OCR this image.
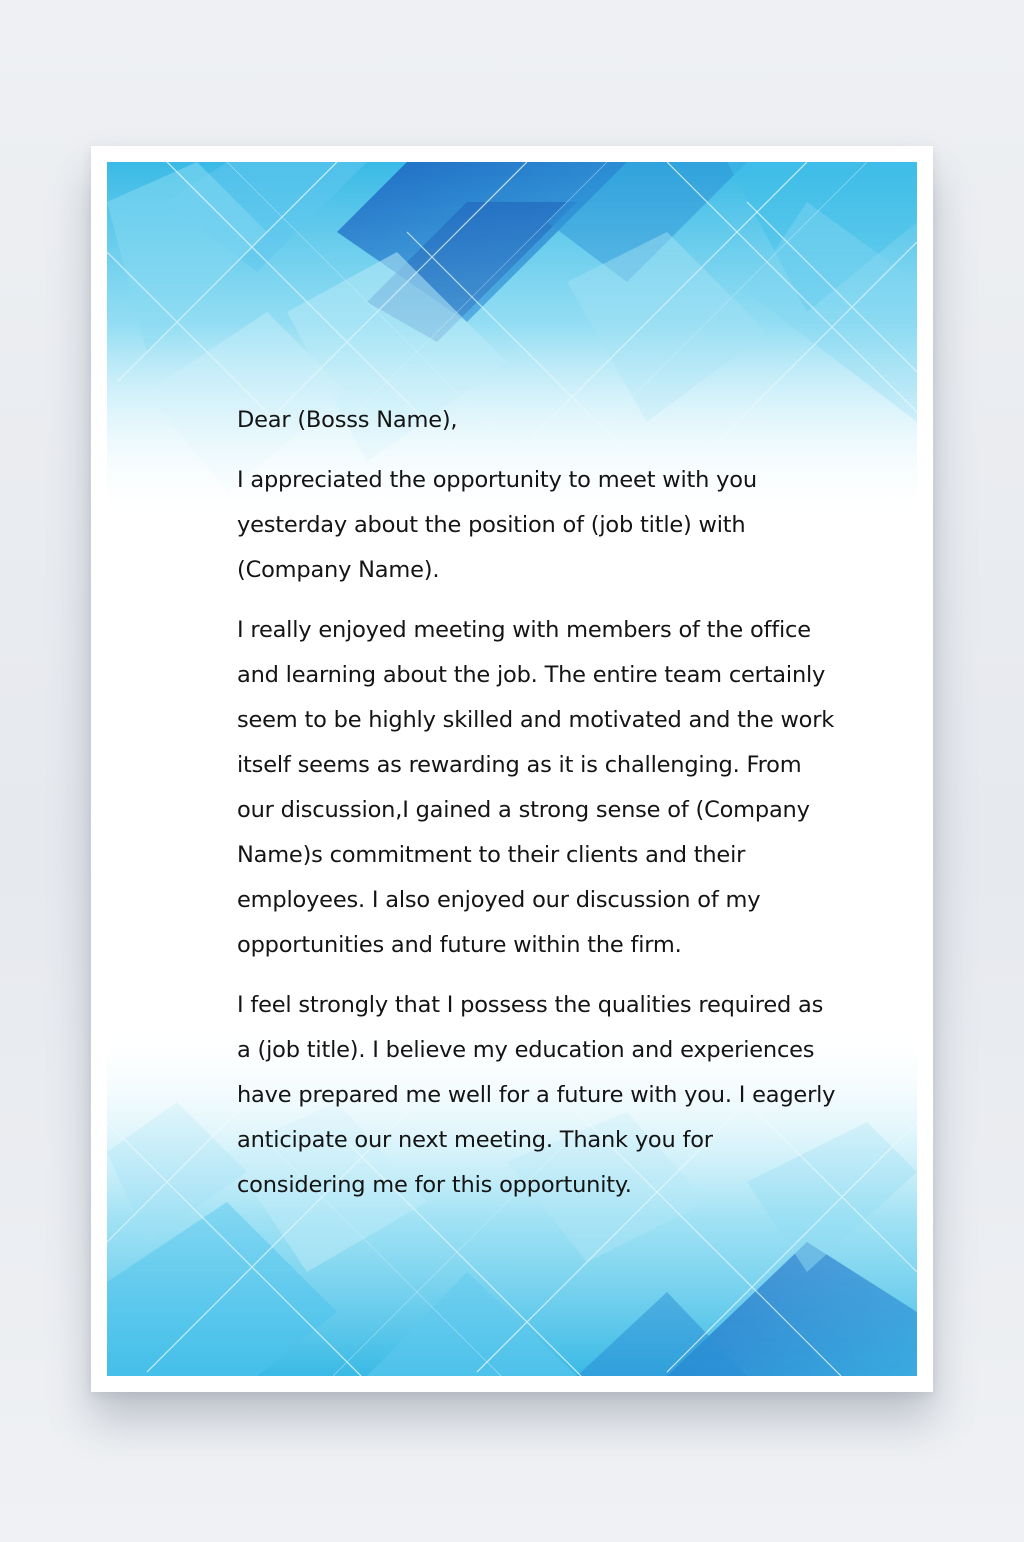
Dear (Bosss Name),

I appreciated the opportunity to meet with you yesterday about the position of (job title) with (Company Name).

I really enjoyed meeting with members of the office and learning about the job. The entire team certainly seem to be highly skilled and motivated and the work itself seems as rewarding as it is challenging. From our discussion,I gained a strong sense of (Company Name)s commitment to their clients and their employees. I also enjoyed our discussion of my opportunities and future within the firm.

I feel strongly that I possess the qualities required as a (job title). I believe my education and experiences have prepared me well for a future with you. I eagerly anticipate our next meeting. Thank you for considering me for this opportunity.
